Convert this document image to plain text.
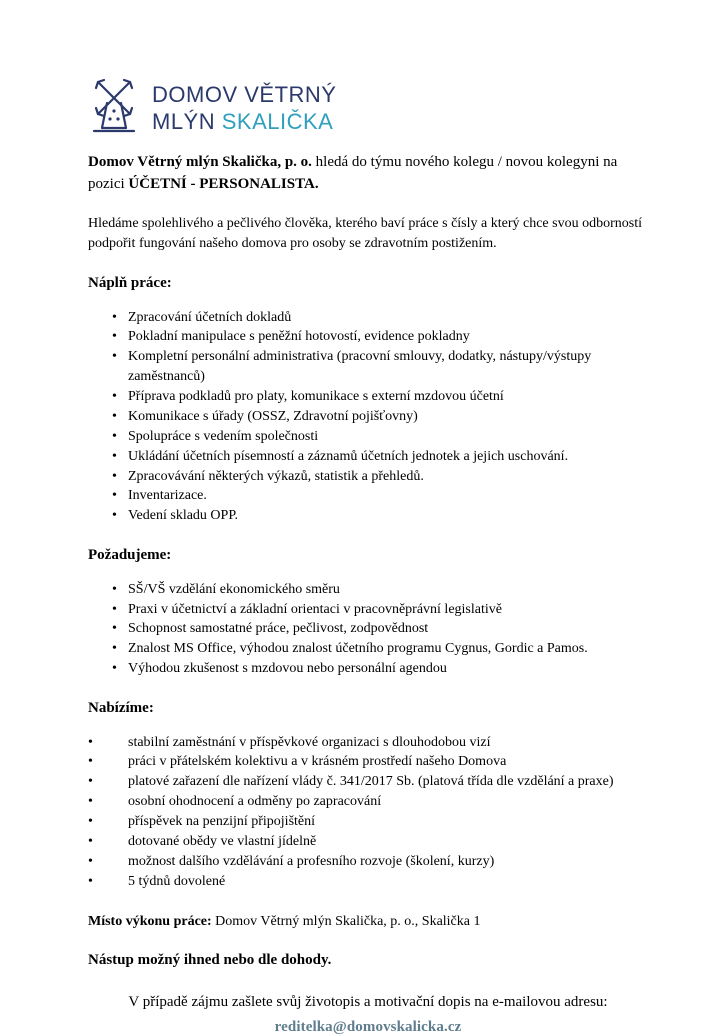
DOMOV VĚTRNÝ
MLÝN SKALIČKA

Domov Větrný mlýn Skalička, p. o. hledá do týmu nového kolegu / novou kolegyni na pozici ÚČETNÍ - PERSONALISTA.

Hledáme spolehlivého a pečlivého člověka, kterého baví práce s čísly a který chce svou odborností podpořit fungování našeho domova pro osoby se zdravotním postižením.

Náplň práce:
• Zpracování účetních dokladů
• Pokladní manipulace s peněžní hotovostí, evidence pokladny
• Kompletní personální administrativa (pracovní smlouvy, dodatky, nástupy/výstupy zaměstnanců)
• Příprava podkladů pro platy, komunikace s externí mzdovou účetní
• Komunikace s úřady (OSSZ, Zdravotní pojišťovny)
• Spolupráce s vedením společnosti
• Ukládání účetních písemností a záznamů účetních jednotek a jejich uschování.
• Zpracovávání některých výkazů, statistik a přehledů.
• Inventarizace.
• Vedení skladu OPP.
Požadujeme:
• SŠ/VŠ vzdělání ekonomického směru
• Praxi v účetnictví a základní orientaci v pracovněprávní legislativě
• Schopnost samostatné práce, pečlivost, zodpovědnost
• Znalost MS Office, výhodou znalost účetního programu Cygnus, Gordic a Pamos.
• Výhodou zkušenost s mzdovou nebo personální agendou
Nabízíme:
• stabilní zaměstnání v příspěvkové organizaci s dlouhodobou vizí
• práci v přátelském kolektivu a v krásném prostředí našeho Domova
• platové zařazení dle nařízení vlády č. 341/2017 Sb. (platová třída dle vzdělání a praxe)
• osobní ohodnocení a odměny po zapracování
• příspěvek na penzijní připojištění
• dotované obědy ve vlastní jídelně
• možnost dalšího vzdělávání a profesního rozvoje (školení, kurzy)
• 5 týdnů dovolené

Místo výkonu práce: Domov Větrný mlýn Skalička, p. o., Skalička 1

Nástup možný ihned nebo dle dohody.

V případě zájmu zašlete svůj životopis a motivační dopis na e-mailovou adresu:

reditelka@domovskalicka.cz
